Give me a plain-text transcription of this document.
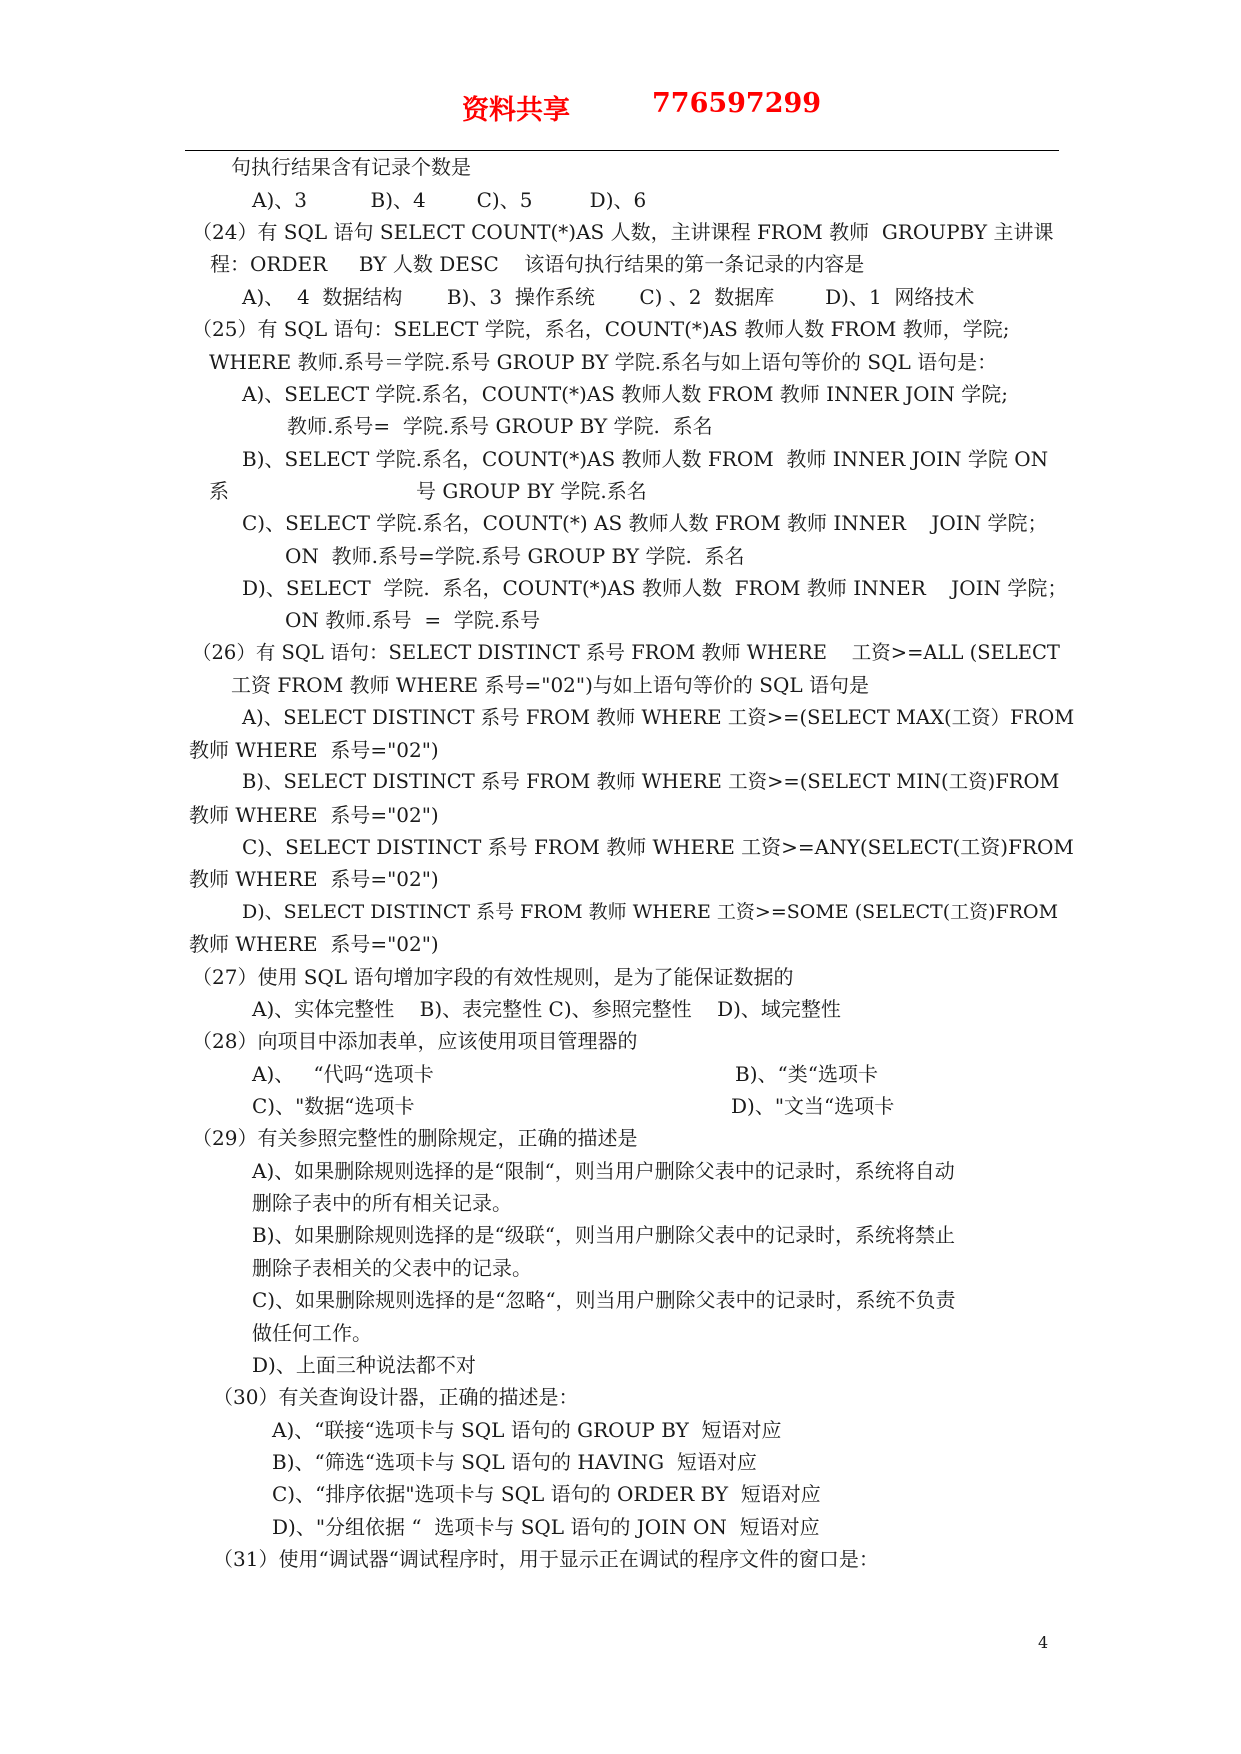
资料共享	776597299
句执行结果含有记录个数是
A)、3          B)、4        C)、5         D)、6
（24）有 SQL 语句 SELECT COUNT(*)AS 人数，主讲课程 FROM 教师  GROUPBY 主讲课
程：ORDER     BY 人数 DESC    该语句执行结果的第一条记录的内容是
A)、  4  数据结构       B)、3  操作系统       C) 、2  数据库        D)、1  网络技术
（25）有 SQL 语句：SELECT 学院，系名，COUNT(*)AS 教师人数 FROM 教师，学院;
WHERE 教师.系号＝学院.系号 GROUP BY 学院.系名与如上语句等价的 SQL 语句是：
A)、SELECT 学院.系名，COUNT(*)AS 教师人数 FROM 教师 INNER JOIN 学院;
教师.系号=  学院.系号 GROUP BY 学院.  系名
B)、SELECT 学院.系名，COUNT(*)AS 教师人数 FROM  教师 INNER JOIN 学院 ON
系	号 GROUP BY 学院.系名
C)、SELECT 学院.系名，COUNT(*) AS 教师人数 FROM 教师 INNER    JOIN 学院；
ON  教师.系号=学院.系号 GROUP BY 学院.  系名
D)、SELECT  学院.  系名，COUNT(*)AS 教师人数  FROM 教师 INNER    JOIN 学院；
ON 教师.系号  =  学院.系号
（26）有 SQL 语句：SELECT DISTINCT 系号 FROM 教师 WHERE    工资>=ALL (SELECT
工资 FROM 教师 WHERE 系号="02")与如上语句等价的 SQL 语句是
A)、SELECT DISTINCT 系号 FROM 教师 WHERE 工资>=(SELECT MAX(工资）FROM
教师 WHERE  系号="02")
B)、SELECT DISTINCT 系号 FROM 教师 WHERE 工资>=(SELECT MIN(工资)FROM
教师 WHERE  系号="02")
C)、SELECT DISTINCT 系号 FROM 教师 WHERE 工资>=ANY(SELECT(工资)FROM
教师 WHERE  系号="02")
D)、SELECT DISTINCT 系号 FROM 教师 WHERE 工资>=SOME (SELECT(工资)FROM
教师 WHERE  系号="02")
（27）使用 SQL 语句增加字段的有效性规则，是为了能保证数据的
A)、实体完整性    B)、表完整性 C)、参照完整性    D)、域完整性
（28）向项目中添加表单，应该使用项目管理器的
A)、   “代吗“选项卡	B)、“类“选项卡
C)、"数据“选项卡	D)、"文当“选项卡
（29）有关参照完整性的删除规定，正确的描述是
A)、如果删除规则选择的是“限制“，则当用户删除父表中的记录时，系统将自动
删除子表中的所有相关记录。
B)、如果删除规则选择的是“级联“，则当用户删除父表中的记录时，系统将禁止
删除子表相关的父表中的记录。
C)、如果删除规则选择的是“忽略“，则当用户删除父表中的记录时，系统不负责
做任何工作。
D)、上面三种说法都不对
（30）有关查询设计器，正确的描述是：
A)、“联接“选项卡与 SQL 语句的 GROUP BY  短语对应
B)、“筛选“选项卡与 SQL 语句的 HAVING  短语对应
C)、“排序依据"选项卡与 SQL 语句的 ORDER BY  短语对应
D)、"分组依据 “  选项卡与 SQL 语句的 JOIN ON  短语对应
（31）使用“调试器“调试程序时，用于显示正在调试的程序文件的窗口是：
4
